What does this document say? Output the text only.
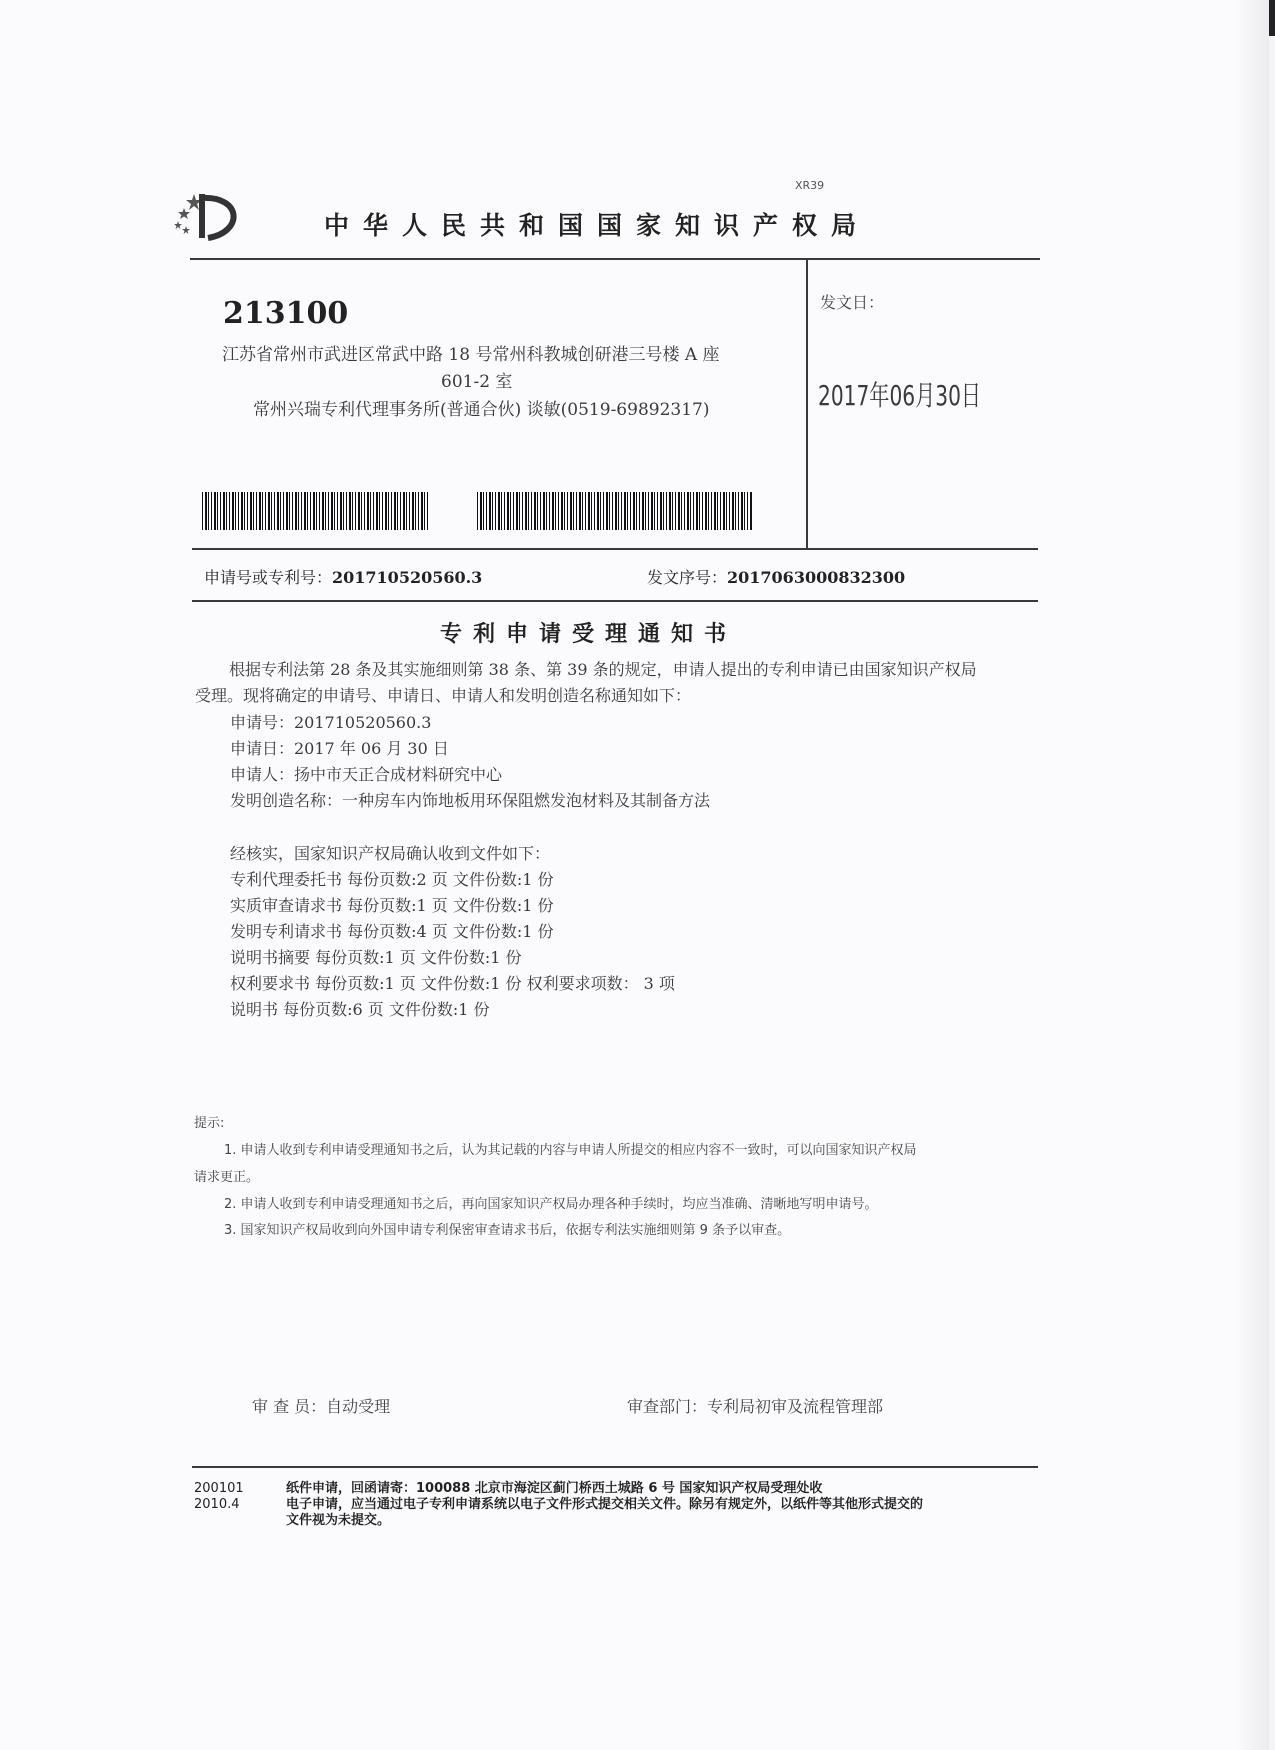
XR39
中华人民共和国国家知识产权局
213100
江苏省常州市武进区常武中路 18 号常州科教城创研港三号楼 A 座
601-2 室
常州兴瑞专利代理事务所(普通合伙) 谈敏(0519-69892317)
发文日：
2017年06月30日
申请号或专利号：201710520560.3	发文序号：2017063000832300
专利申请受理通知书
根据专利法第 28 条及其实施细则第 38 条、第 39 条的规定，申请人提出的专利申请已由国家知识产权局
受理。现将确定的申请号、申请日、申请人和发明创造名称通知如下：
申请号：201710520560.3
申请日：2017 年 06 月 30 日
申请人：扬中市天正合成材料研究中心
发明创造名称：一种房车内饰地板用环保阻燃发泡材料及其制备方法
经核实，国家知识产权局确认收到文件如下：
专利代理委托书 每份页数:2 页 文件份数:1 份
实质审查请求书 每份页数:1 页 文件份数:1 份
发明专利请求书 每份页数:4 页 文件份数:1 份
说明书摘要 每份页数:1 页 文件份数:1 份
权利要求书 每份页数:1 页 文件份数:1 份 权利要求项数： 3 项
说明书 每份页数:6 页 文件份数:1 份
提示:
1. 申请人收到专利申请受理通知书之后，认为其记载的内容与申请人所提交的相应内容不一致时，可以向国家知识产权局
请求更正。
2. 申请人收到专利申请受理通知书之后，再向国家知识产权局办理各种手续时，均应当准确、清晰地写明申请号。
3. 国家知识产权局收到向外国申请专利保密审查请求书后，依据专利法实施细则第 9 条予以审查。
审 查 员：自动受理	审查部门：专利局初审及流程管理部
200101
2010.4
纸件申请，回函请寄：100088 北京市海淀区蓟门桥西土城路 6 号 国家知识产权局受理处收
电子申请，应当通过电子专利申请系统以电子文件形式提交相关文件。除另有规定外，以纸件等其他形式提交的
文件视为未提交。
